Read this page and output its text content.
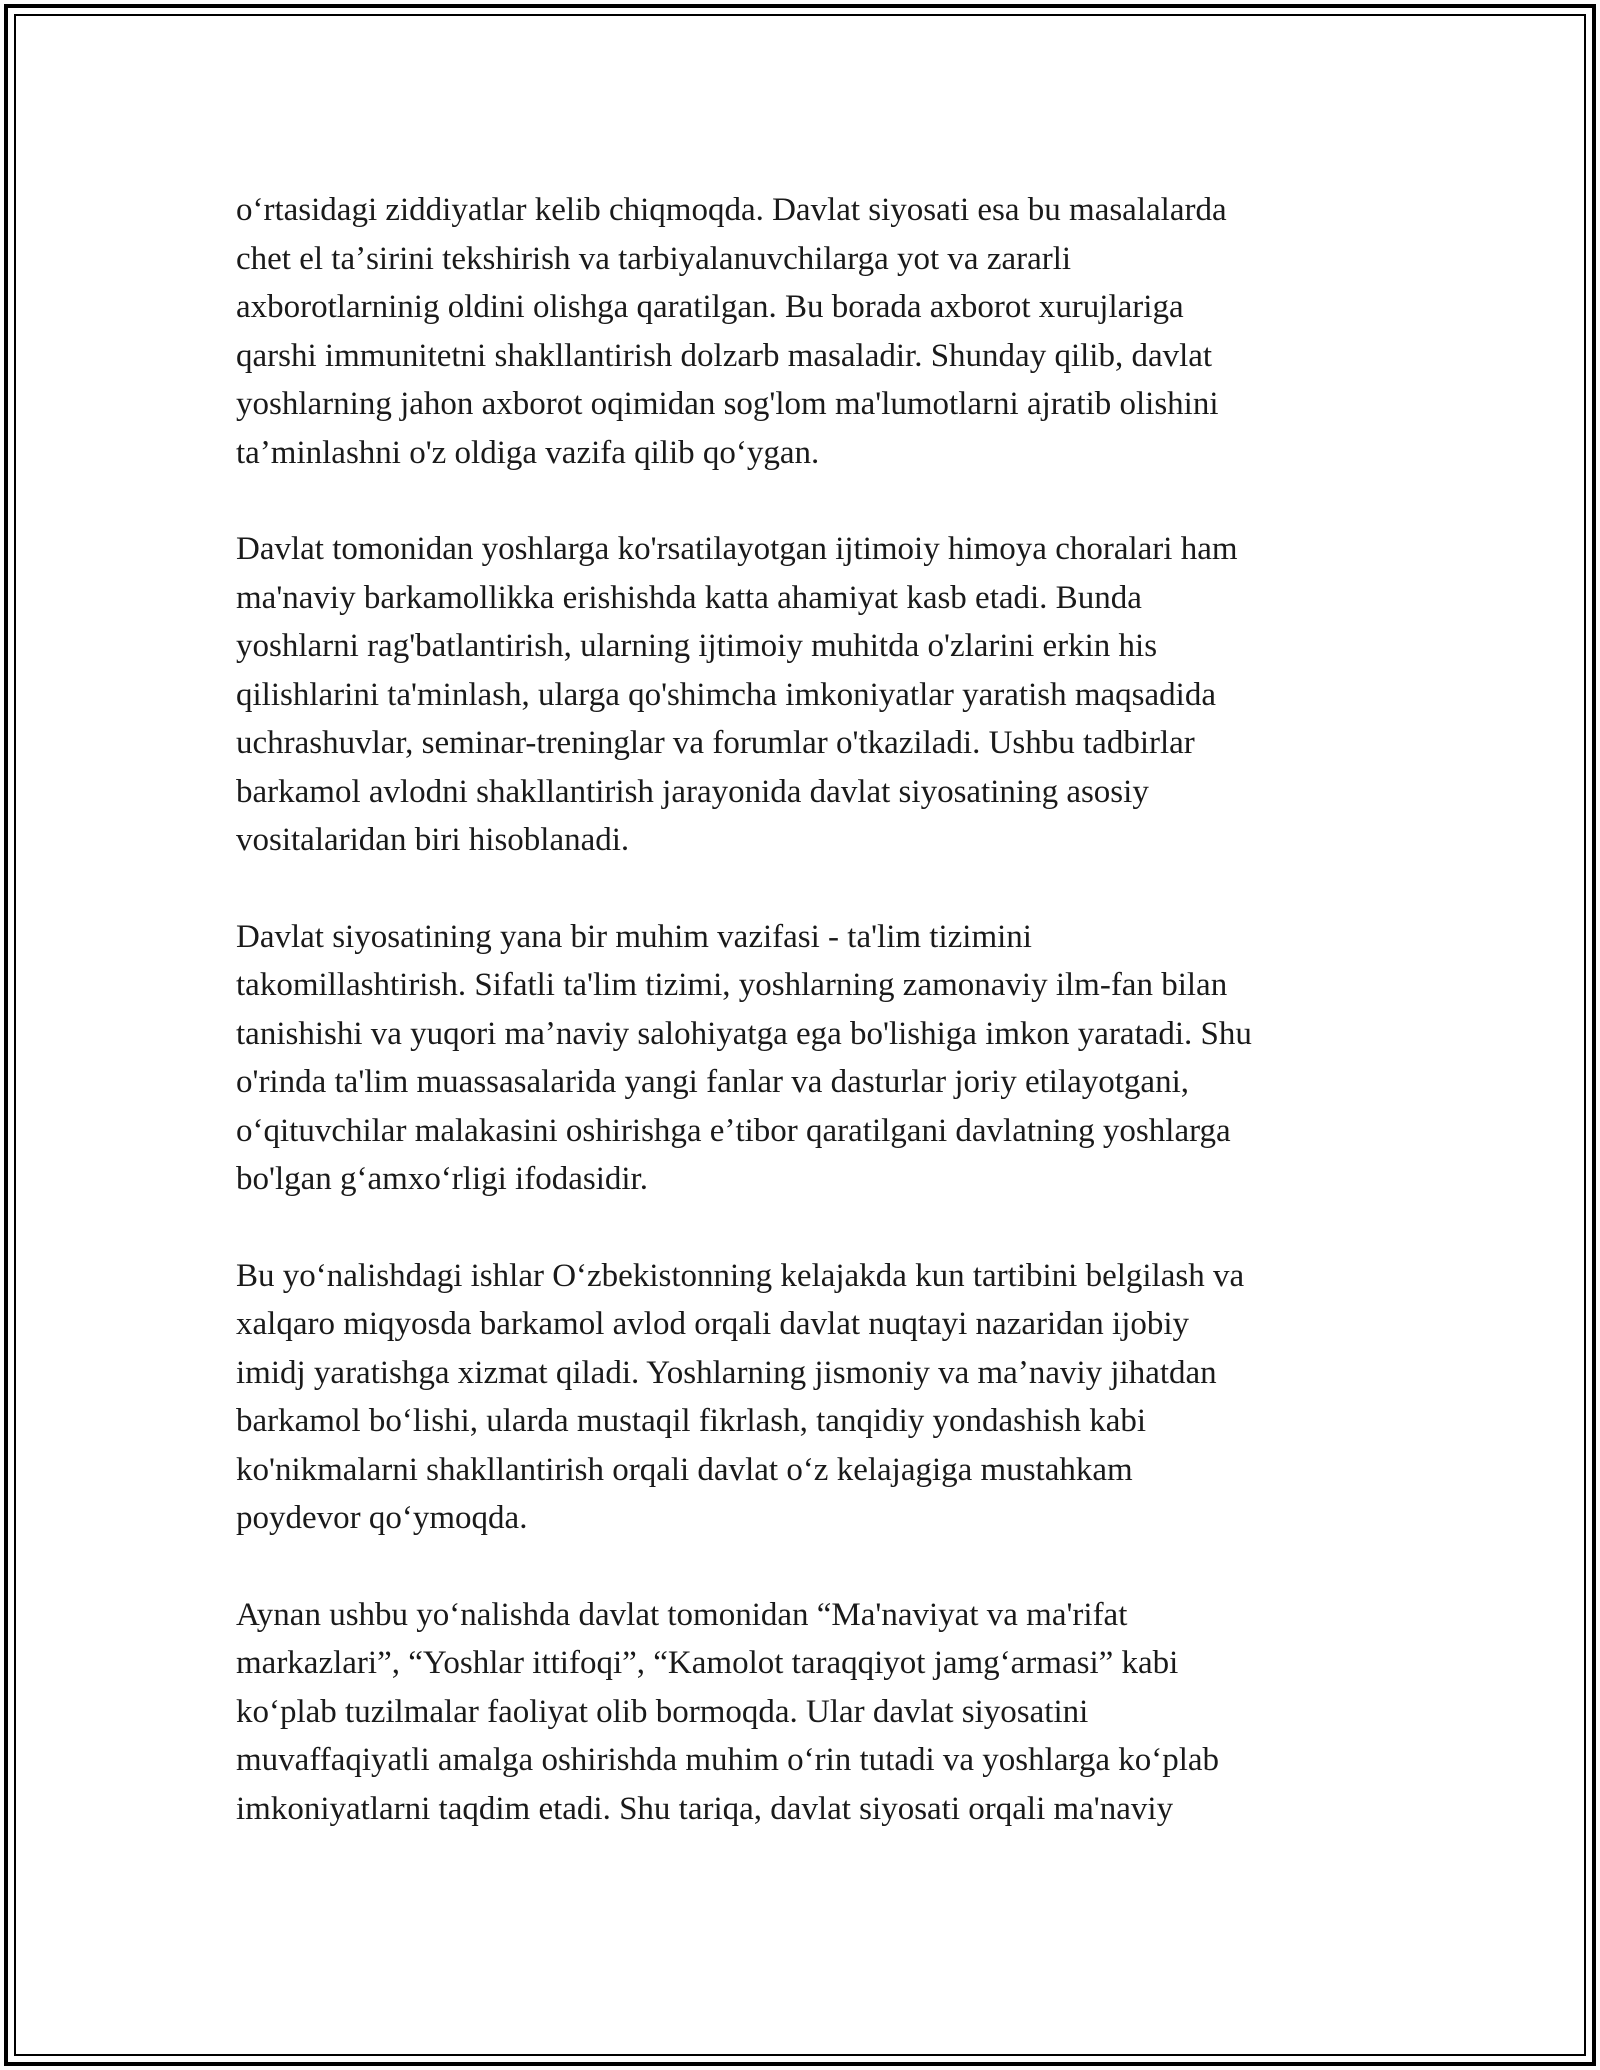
oʻrtasidagi ziddiyatlar kelib chiqmoqda. Davlat siyosati esa bu masalalarda
chet el taʼsirini tekshirish va tarbiyalanuvchilarga yot va zararli
axborotlarninig oldini olishga qaratilgan. Bu borada axborot xurujlariga
qarshi immunitetni shakllantirish dolzarb masaladir. Shunday qilib, davlat
yoshlarning jahon axborot oqimidan sog'lom ma'lumotlarni ajratib olishini
taʼminlashni o'z oldiga vazifa qilib qoʻygan.
Davlat tomonidan yoshlarga ko'rsatilayotgan ijtimoiy himoya choralari ham
ma'naviy barkamollikka erishishda katta ahamiyat kasb etadi. Bunda
yoshlarni rag'batlantirish, ularning ijtimoiy muhitda o'zlarini erkin his
qilishlarini ta'minlash, ularga qo'shimcha imkoniyatlar yaratish maqsadida
uchrashuvlar, seminar-treninglar va forumlar o'tkaziladi. Ushbu tadbirlar
barkamol avlodni shakllantirish jarayonida davlat siyosatining asosiy
vositalaridan biri hisoblanadi.
Davlat siyosatining yana bir muhim vazifasi - ta'lim tizimini
takomillashtirish. Sifatli ta'lim tizimi, yoshlarning zamonaviy ilm-fan bilan
tanishishi va yuqori maʼnaviy salohiyatga ega bo'lishiga imkon yaratadi. Shu
o'rinda ta'lim muassasalarida yangi fanlar va dasturlar joriy etilayotgani,
oʻqituvchilar malakasini oshirishga eʼtibor qaratilgani davlatning yoshlarga
bo'lgan gʻamxoʻrligi ifodasidir.
Bu yoʻnalishdagi ishlar Oʻzbekistonning kelajakda kun tartibini belgilash va
xalqaro miqyosda barkamol avlod orqali davlat nuqtayi nazaridan ijobiy
imidj yaratishga xizmat qiladi. Yoshlarning jismoniy va maʼnaviy jihatdan
barkamol boʻlishi, ularda mustaqil fikrlash, tanqidiy yondashish kabi
ko'nikmalarni shakllantirish orqali davlat oʻz kelajagiga mustahkam
poydevor qoʻymoqda.
Aynan ushbu yoʻnalishda davlat tomonidan “Ma'naviyat va ma'rifat
markazlari”, “Yoshlar ittifoqi”, “Kamolot taraqqiyot jamgʻarmasi” kabi
koʻplab tuzilmalar faoliyat olib bormoqda. Ular davlat siyosatini
muvaffaqiyatli amalga oshirishda muhim oʻrin tutadi va yoshlarga koʻplab
imkoniyatlarni taqdim etadi. Shu tariqa, davlat siyosati orqali ma'naviy
